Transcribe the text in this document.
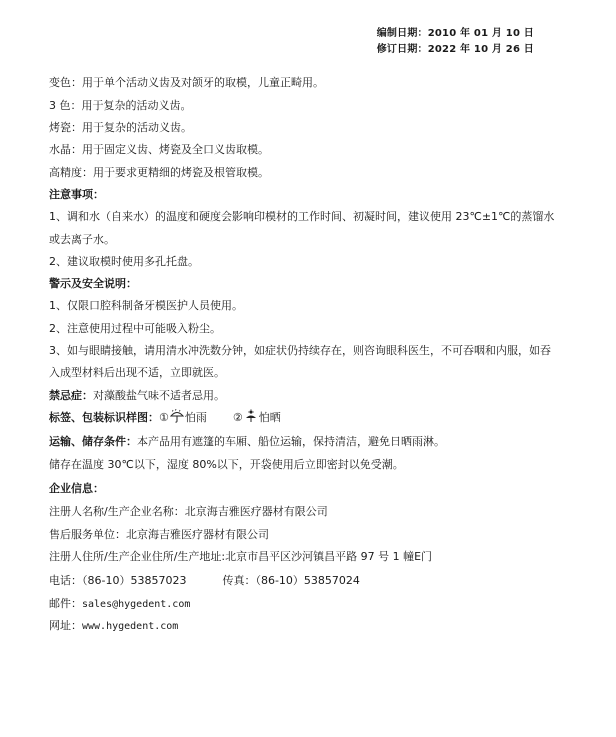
编制日期：2010 年 01 月 10 日
修订日期：2022 年 10 月 26 日
变色：用于单个活动义齿及对颌牙的取模，儿童正畸用。
3 色：用于复杂的活动义齿。
烤瓷：用于复杂的活动义齿。
水晶：用于固定义齿、烤瓷及全口义齿取模。
高精度：用于要求更精细的烤瓷及根管取模。
注意事项：
1、调和水（自来水）的温度和硬度会影响印模材的工作时间、初凝时间，建议使用 23℃±1℃的蒸馏水
或去离子水。
2、建议取模时使用多孔托盘。
警示及安全说明：
1、仅限口腔科制备牙模医护人员使用。
2、注意使用过程中可能吸入粉尘。
3、如与眼睛接触，请用清水冲洗数分钟，如症状仍持续存在，则咨询眼科医生，不可吞咽和内服，如吞
入成型材料后出现不适，立即就医。
禁忌症：对藻酸盐气味不适者忌用。
标签、包装标识样图：① 怕雨 ② 怕晒
运输、储存条件：本产品用有遮篷的车厢、船位运输，保持清洁，避免日晒雨淋。
储存在温度 30℃以下，湿度 80%以下，开袋使用后立即密封以免受潮。
企业信息：
注册人名称/生产企业名称：北京海吉雅医疗器材有限公司
售后服务单位：北京海吉雅医疗器材有限公司
注册人住所/生产企业住所/生产地址:北京市昌平区沙河镇昌平路 97 号 1 幢E门
电话：（86-10）53857023	传真：（86-10）53857024
邮件：sales@hygedent.com
网址：www.hygedent.com
